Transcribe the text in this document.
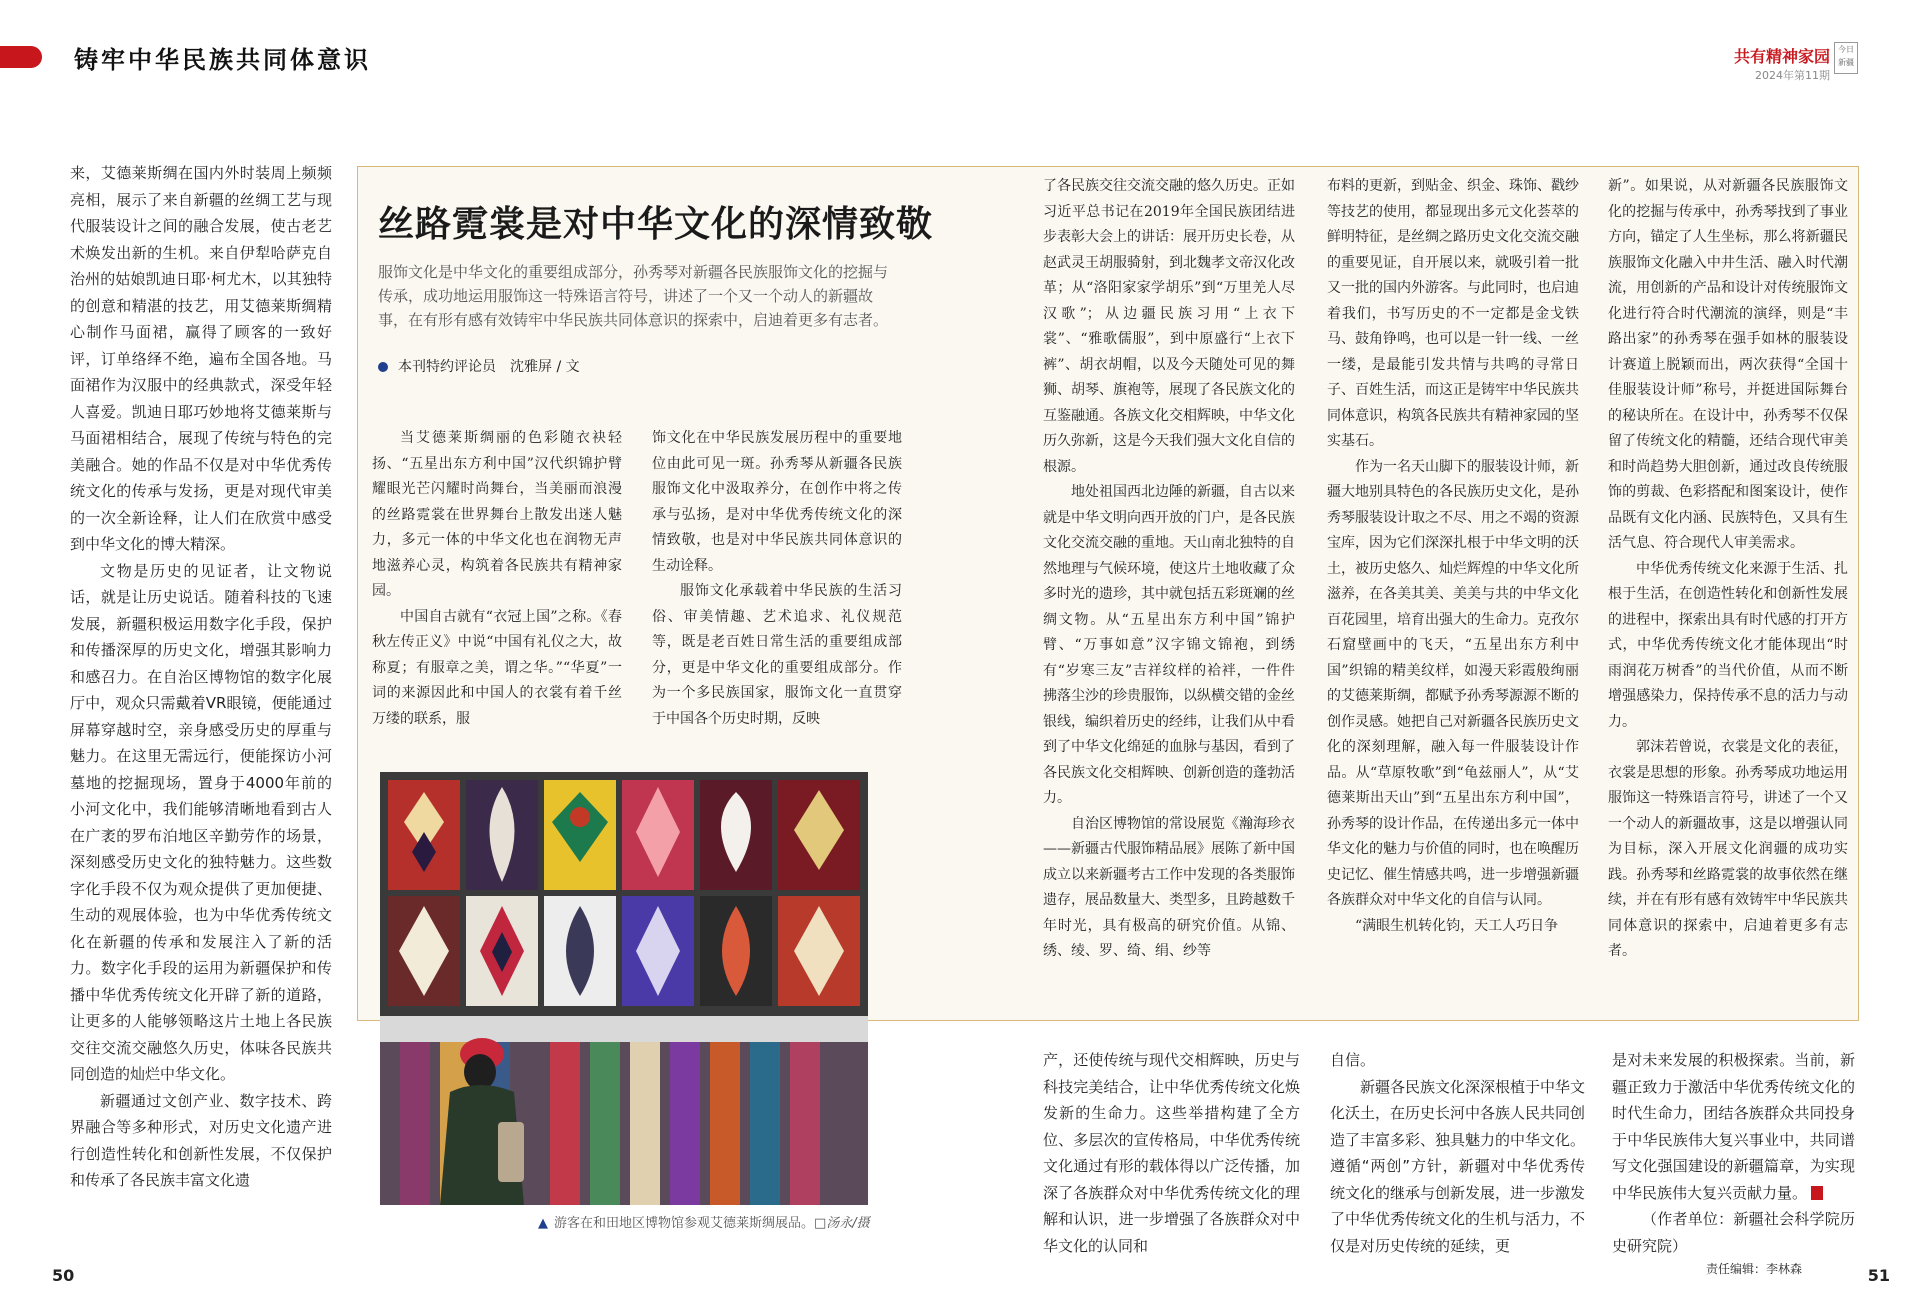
铸牢中华民族共同体意识	共有精神家园
2024年第11期
今日新疆

来，艾德莱斯绸在国内外时装周上频频亮相，展示了来自新疆的丝绸工艺与现代服装设计之间的融合发展，使古老艺术焕发出新的生机。来自伊犁哈萨克自治州的姑娘凯迪日耶·柯尤木，以其独特的创意和精湛的技艺，用艾德莱斯绸精心制作马面裙，赢得了顾客的一致好评，订单络绎不绝，遍布全国各地。马面裙作为汉服中的经典款式，深受年轻人喜爱。凯迪日耶巧妙地将艾德莱斯与马面裙相结合，展现了传统与特色的完美融合。她的作品不仅是对中华优秀传统文化的传承与发扬，更是对现代审美的一次全新诠释，让人们在欣赏中感受到中华文化的博大精深。

文物是历史的见证者，让文物说话，就是让历史说话。随着科技的飞速发展，新疆积极运用数字化手段，保护和传播深厚的历史文化，增强其影响力和感召力。在自治区博物馆的数字化展厅中，观众只需戴着VR眼镜，便能通过屏幕穿越时空，亲身感受历史的厚重与魅力。在这里无需远行，便能探访小河墓地的挖掘现场，置身于4000年前的小河文化中，我们能够清晰地看到古人在广袤的罗布泊地区辛勤劳作的场景，深刻感受历史文化的独特魅力。这些数字化手段不仅为观众提供了更加便捷、生动的观展体验，也为中华优秀传统文化在新疆的传承和发展注入了新的活力。数字化手段的运用为新疆保护和传播中华优秀传统文化开辟了新的道路，让更多的人能够领略这片土地上各民族交往交流交融悠久历史，体味各民族共同创造的灿烂中华文化。

新疆通过文创产业、数字技术、跨界融合等多种形式，对历史文化遗产进行创造性转化和创新性发展，不仅保护和传承了各民族丰富文化遗

丝路霓裳是对中华文化的深情致敬
服饰文化是中华文化的重要组成部分，孙秀琴对新疆各民族服饰文化的挖掘与传承，成功地运用服饰这一特殊语言符号，讲述了一个又一个动人的新疆故事，在有形有感有效铸牢中华民族共同体意识的探索中，启迪着更多有志者。
本刊特约评论员　沈雅屏 / 文

当艾德莱斯绸丽的色彩随衣袂轻扬、“五星出东方利中国”汉代织锦护臂耀眼光芒闪耀时尚舞台，当美丽而浪漫的丝路霓裳在世界舞台上散发出迷人魅力，多元一体的中华文化也在润物无声地滋养心灵，构筑着各民族共有精神家园。

中国自古就有“衣冠上国”之称。《春秋左传正义》中说“中国有礼仪之大，故称夏；有服章之美，谓之华。”“华夏”一词的来源因此和中国人的衣裳有着千丝万缕的联系，服

饰文化在中华民族发展历程中的重要地位由此可见一斑。孙秀琴从新疆各民族服饰文化中汲取养分，在创作中将之传承与弘扬，是对中华优秀传统文化的深情致敬，也是对中华民族共同体意识的生动诠释。

服饰文化承载着中华民族的生活习俗、审美情趣、艺术追求、礼仪规范等，既是老百姓日常生活的重要组成部分，更是中华文化的重要组成部分。作为一个多民族国家，服饰文化一直贯穿于中国各个历史时期，反映

了各民族交往交流交融的悠久历史。正如习近平总书记在2019年全国民族团结进步表彰大会上的讲话：展开历史长卷，从赵武灵王胡服骑射，到北魏孝文帝汉化改革；从“洛阳家家学胡乐”到“万里羌人尽汉歌”；从边疆民族习用“上衣下裳”、“雅歌儒服”，到中原盛行“上衣下裤”、胡衣胡帽，以及今天随处可见的舞狮、胡琴、旗袍等，展现了各民族文化的互鉴融通。各族文化交相辉映，中华文化历久弥新，这是今天我们强大文化自信的根源。

地处祖国西北边陲的新疆，自古以来就是中华文明向西开放的门户，是各民族文化交流交融的重地。天山南北独特的自然地理与气候环境，使这片土地收藏了众多时光的遗珍，其中就包括五彩斑斓的丝绸文物。从“五星出东方利中国”锦护臂、“万事如意”汉字锦文锦袍，到绣有“岁寒三友”吉祥纹样的袷袢，一件件拂落尘沙的珍贵服饰，以纵横交错的金丝银线，编织着历史的经纬，让我们从中看到了中华文化绵延的血脉与基因，看到了各民族文化交相辉映、创新创造的蓬勃活力。

自治区博物馆的常设展览《瀚海珍衣——新疆古代服饰精品展》展陈了新中国成立以来新疆考古工作中发现的各类服饰遗存，展品数量大、类型多，且跨越数千年时光，具有极高的研究价值。从锦、绣、绫、罗、绮、绢、纱等

布料的更新，到贴金、织金、珠饰、戳纱等技艺的使用，都显现出多元文化荟萃的鲜明特征，是丝绸之路历史文化交流交融的重要见证，自开展以来，就吸引着一批又一批的国内外游客。与此同时，也启迪着我们，书写历史的不一定都是金戈铁马、鼓角铮鸣，也可以是一针一线、一丝一缕，是最能引发共情与共鸣的寻常日子、百姓生活，而这正是铸牢中华民族共同体意识，构筑各民族共有精神家园的坚实基石。

作为一名天山脚下的服装设计师，新疆大地别具特色的各民族历史文化，是孙秀琴服装设计取之不尽、用之不竭的资源宝库，因为它们深深扎根于中华文明的沃土，被历史悠久、灿烂辉煌的中华文化所滋养，在各美其美、美美与共的中华文化百花园里，培育出强大的生命力。克孜尔石窟壁画中的飞天，“五星出东方利中国”织锦的精美纹样，如漫天彩霞般绚丽的艾德莱斯绸，都赋予孙秀琴源源不断的创作灵感。她把自己对新疆各民族历史文化的深刻理解，融入每一件服装设计作品。从“草原牧歌”到“龟兹丽人”，从“艾德莱斯出天山”到“五星出东方利中国”，孙秀琴的设计作品，在传递出多元一体中华文化的魅力与价值的同时，也在唤醒历史记忆、催生情感共鸣，进一步增强新疆各族群众对中华文化的自信与认同。

“满眼生机转化钧，天工人巧日争

新”。如果说，从对新疆各民族服饰文化的挖掘与传承中，孙秀琴找到了事业方向，锚定了人生坐标，那么将新疆民族服饰文化融入中井生活、融入时代潮流，用创新的产品和设计对传统服饰文化进行符合时代潮流的演绎，则是“丰路出家”的孙秀琴在强手如林的服装设计赛道上脱颖而出，两次获得“全国十佳服装设计师”称号，并挺进国际舞台的秘诀所在。在设计中，孙秀琴不仅保留了传统文化的精髓，还结合现代审美和时尚趋势大胆创新，通过改良传统服饰的剪裁、色彩搭配和图案设计，使作品既有文化内涵、民族特色，又具有生活气息、符合现代人审美需求。

中华优秀传统文化来源于生活、扎根于生活，在创造性转化和创新性发展的进程中，探索出具有时代感的打开方式，中华优秀传统文化才能体现出“时雨润花万树香”的当代价值，从而不断增强感染力，保持传承不息的活力与动力。

郭沫若曾说，衣裳是文化的表征，衣裳是思想的形象。孙秀琴成功地运用服饰这一特殊语言符号，讲述了一个又一个动人的新疆故事，这是以增强认同为目标，深入开展文化润疆的成功实践。孙秀琴和丝路霓裳的故事依然在继续，并在有形有感有效铸牢中华民族共同体意识的探索中，启迪着更多有志者。

▲ 游客在和田地区博物馆参观艾德莱斯绸展品。□汤永/摄

产，还使传统与现代交相辉映，历史与科技完美结合，让中华优秀传统文化焕发新的生命力。这些举措构建了全方位、多层次的宣传格局，中华优秀传统文化通过有形的载体得以广泛传播，加深了各族群众对中华优秀传统文化的理解和认识，进一步增强了各族群众对中华文化的认同和

自信。

新疆各民族文化深深根植于中华文化沃土，在历史长河中各族人民共同创造了丰富多彩、独具魅力的中华文化。遵循“两创”方针，新疆对中华优秀传统文化的继承与创新发展，进一步激发了中华优秀传统文化的生机与活力，不仅是对历史传统的延续，更

是对未来发展的积极探索。当前，新疆正致力于激活中华优秀传统文化的时代生命力，团结各族群众共同投身于中华民族伟大复兴事业中，共同谱写文化强国建设的新疆篇章，为实现中华民族伟大复兴贡献力量。

（作者单位：新疆社会科学院历史研究院）

50	责任编辑：李林森	51
